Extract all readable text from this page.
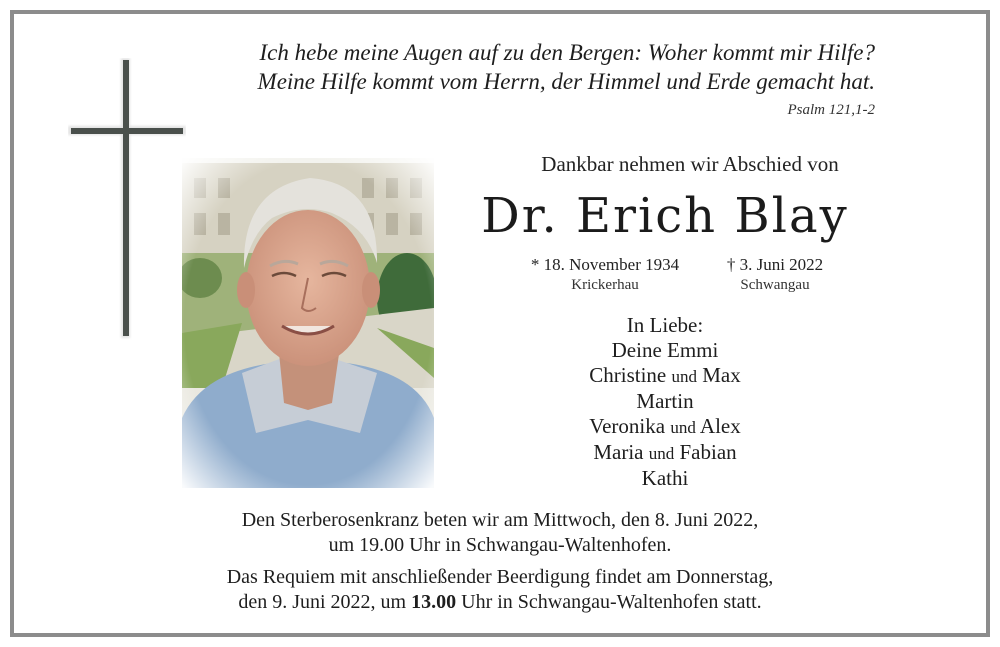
Ich hebe meine Augen auf zu den Bergen: Woher kommt mir Hilfe?
Meine Hilfe kommt vom Herrn, der Himmel und Erde gemacht hat.
Psalm 121,1-2
Dankbar nehmen wir Abschied von
Dr. Erich Blay
* 18. November 1934
Krickerhau
† 3. Juni 2022
Schwangau
In Liebe:
Deine Emmi
Christine und Max
Martin
Veronika und Alex
Maria und Fabian
Kathi
Den Sterberosenkranz beten wir am Mittwoch, den 8. Juni 2022,
um 19.00 Uhr in Schwangau-Waltenhofen.
Das Requiem mit anschließender Beerdigung findet am Donnerstag,
den 9. Juni 2022, um 13.00 Uhr in Schwangau-Waltenhofen statt.
